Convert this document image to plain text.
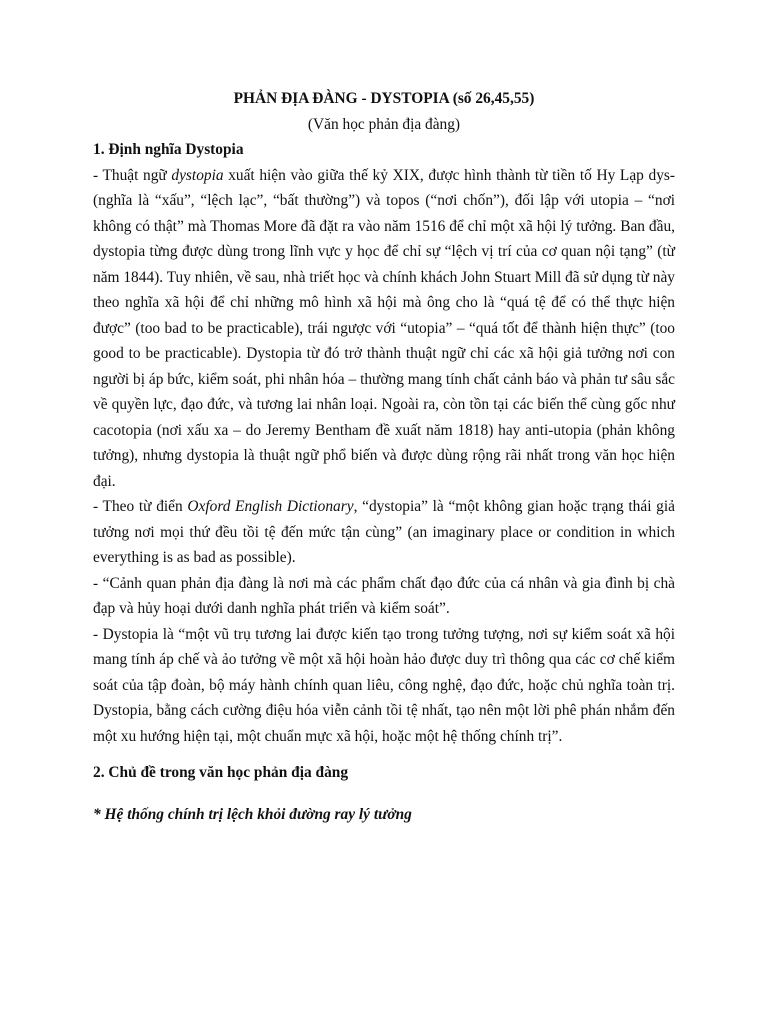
PHẢN ĐỊA ĐÀNG - DYSTOPIA (số 26,45,55)

(Văn học phản địa đàng)

1. Định nghĩa Dystopia

- Thuật ngữ dystopia xuất hiện vào giữa thế kỷ XIX, được hình thành từ tiền tố Hy Lạp dys- (nghĩa là “xấu”, “lệch lạc”, “bất thường”) và topos (“nơi chốn”), đối lập với utopia – “nơi không có thật” mà Thomas More đã đặt ra vào năm 1516 để chỉ một xã hội lý tưởng. Ban đầu, dystopia từng được dùng trong lĩnh vực y học để chỉ sự “lệch vị trí của cơ quan nội tạng” (từ năm 1844). Tuy nhiên, về sau, nhà triết học và chính khách John Stuart Mill đã sử dụng từ này theo nghĩa xã hội để chỉ những mô hình xã hội mà ông cho là “quá tệ để có thể thực hiện được” (too bad to be practicable), trái ngược với “utopia” – “quá tốt để thành hiện thực” (too good to be practicable). Dystopia từ đó trở thành thuật ngữ chỉ các xã hội giả tưởng nơi con người bị áp bức, kiểm soát, phi nhân hóa – thường mang tính chất cảnh báo và phản tư sâu sắc về quyền lực, đạo đức, và tương lai nhân loại. Ngoài ra, còn tồn tại các biến thể cùng gốc như cacotopia (nơi xấu xa – do Jeremy Bentham đề xuất năm 1818) hay anti-utopia (phản không tưởng), nhưng dystopia là thuật ngữ phổ biến và được dùng rộng rãi nhất trong văn học hiện đại.

- Theo từ điển Oxford English Dictionary, “dystopia” là “một không gian hoặc trạng thái giả tưởng nơi mọi thứ đều tồi tệ đến mức tận cùng” (an imaginary place or condition in which everything is as bad as possible).

- “Cảnh quan phản địa đàng là nơi mà các phẩm chất đạo đức của cá nhân và gia đình bị chà đạp và hủy hoại dưới danh nghĩa phát triển và kiểm soát”.

- Dystopia là “một vũ trụ tương lai được kiến tạo trong tưởng tượng, nơi sự kiểm soát xã hội mang tính áp chế và ảo tưởng về một xã hội hoàn hảo được duy trì thông qua các cơ chế kiểm soát của tập đoàn, bộ máy hành chính quan liêu, công nghệ, đạo đức, hoặc chủ nghĩa toàn trị. Dystopia, bằng cách cường điệu hóa viễn cảnh tồi tệ nhất, tạo nên một lời phê phán nhắm đến một xu hướng hiện tại, một chuẩn mực xã hội, hoặc một hệ thống chính trị”.

2. Chủ đề trong văn học phản địa đàng

* Hệ thống chính trị lệch khỏi đường ray lý tưởng
